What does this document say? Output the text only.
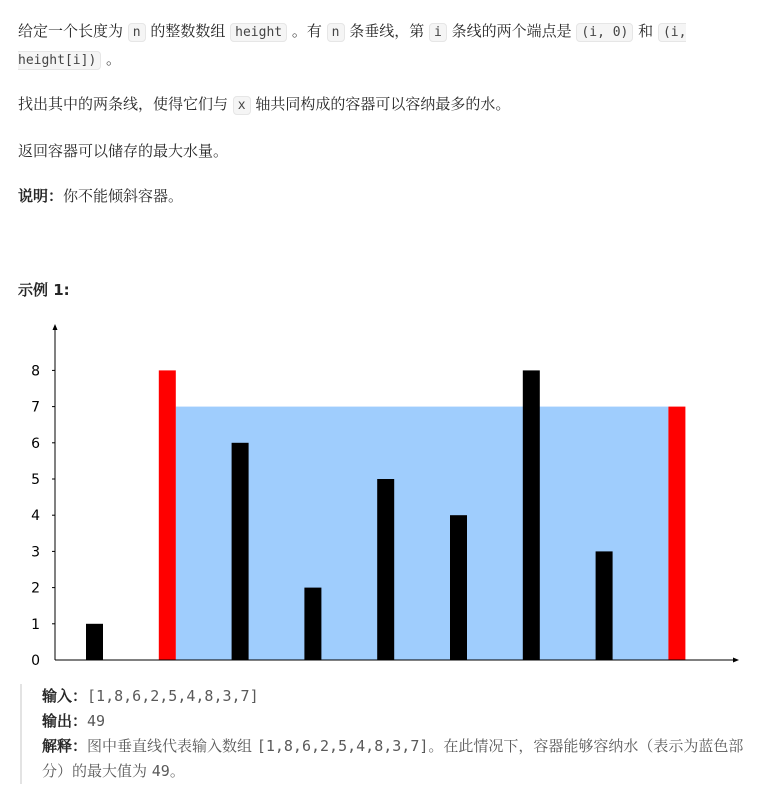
给定一个长度为 n 的整数数组 height 。有 n 条垂线，第 i 条线的两个端点是 (i, 0) 和 (i, height[i]) 。

找出其中的两条线，使得它们与 x 轴共同构成的容器可以容纳最多的水。

返回容器可以储存的最大水量。

说明：你不能倾斜容器。

示例 1:

0
1
2
3
4
5
6
7
8
输入：[1,8,6,2,5,4,8,3,7]
输出：49
解释：图中垂直线代表输入数组 [1,8,6,2,5,4,8,3,7]。在此情况下，容器能够容纳水（表示为蓝色部分）的最大值为 49。
